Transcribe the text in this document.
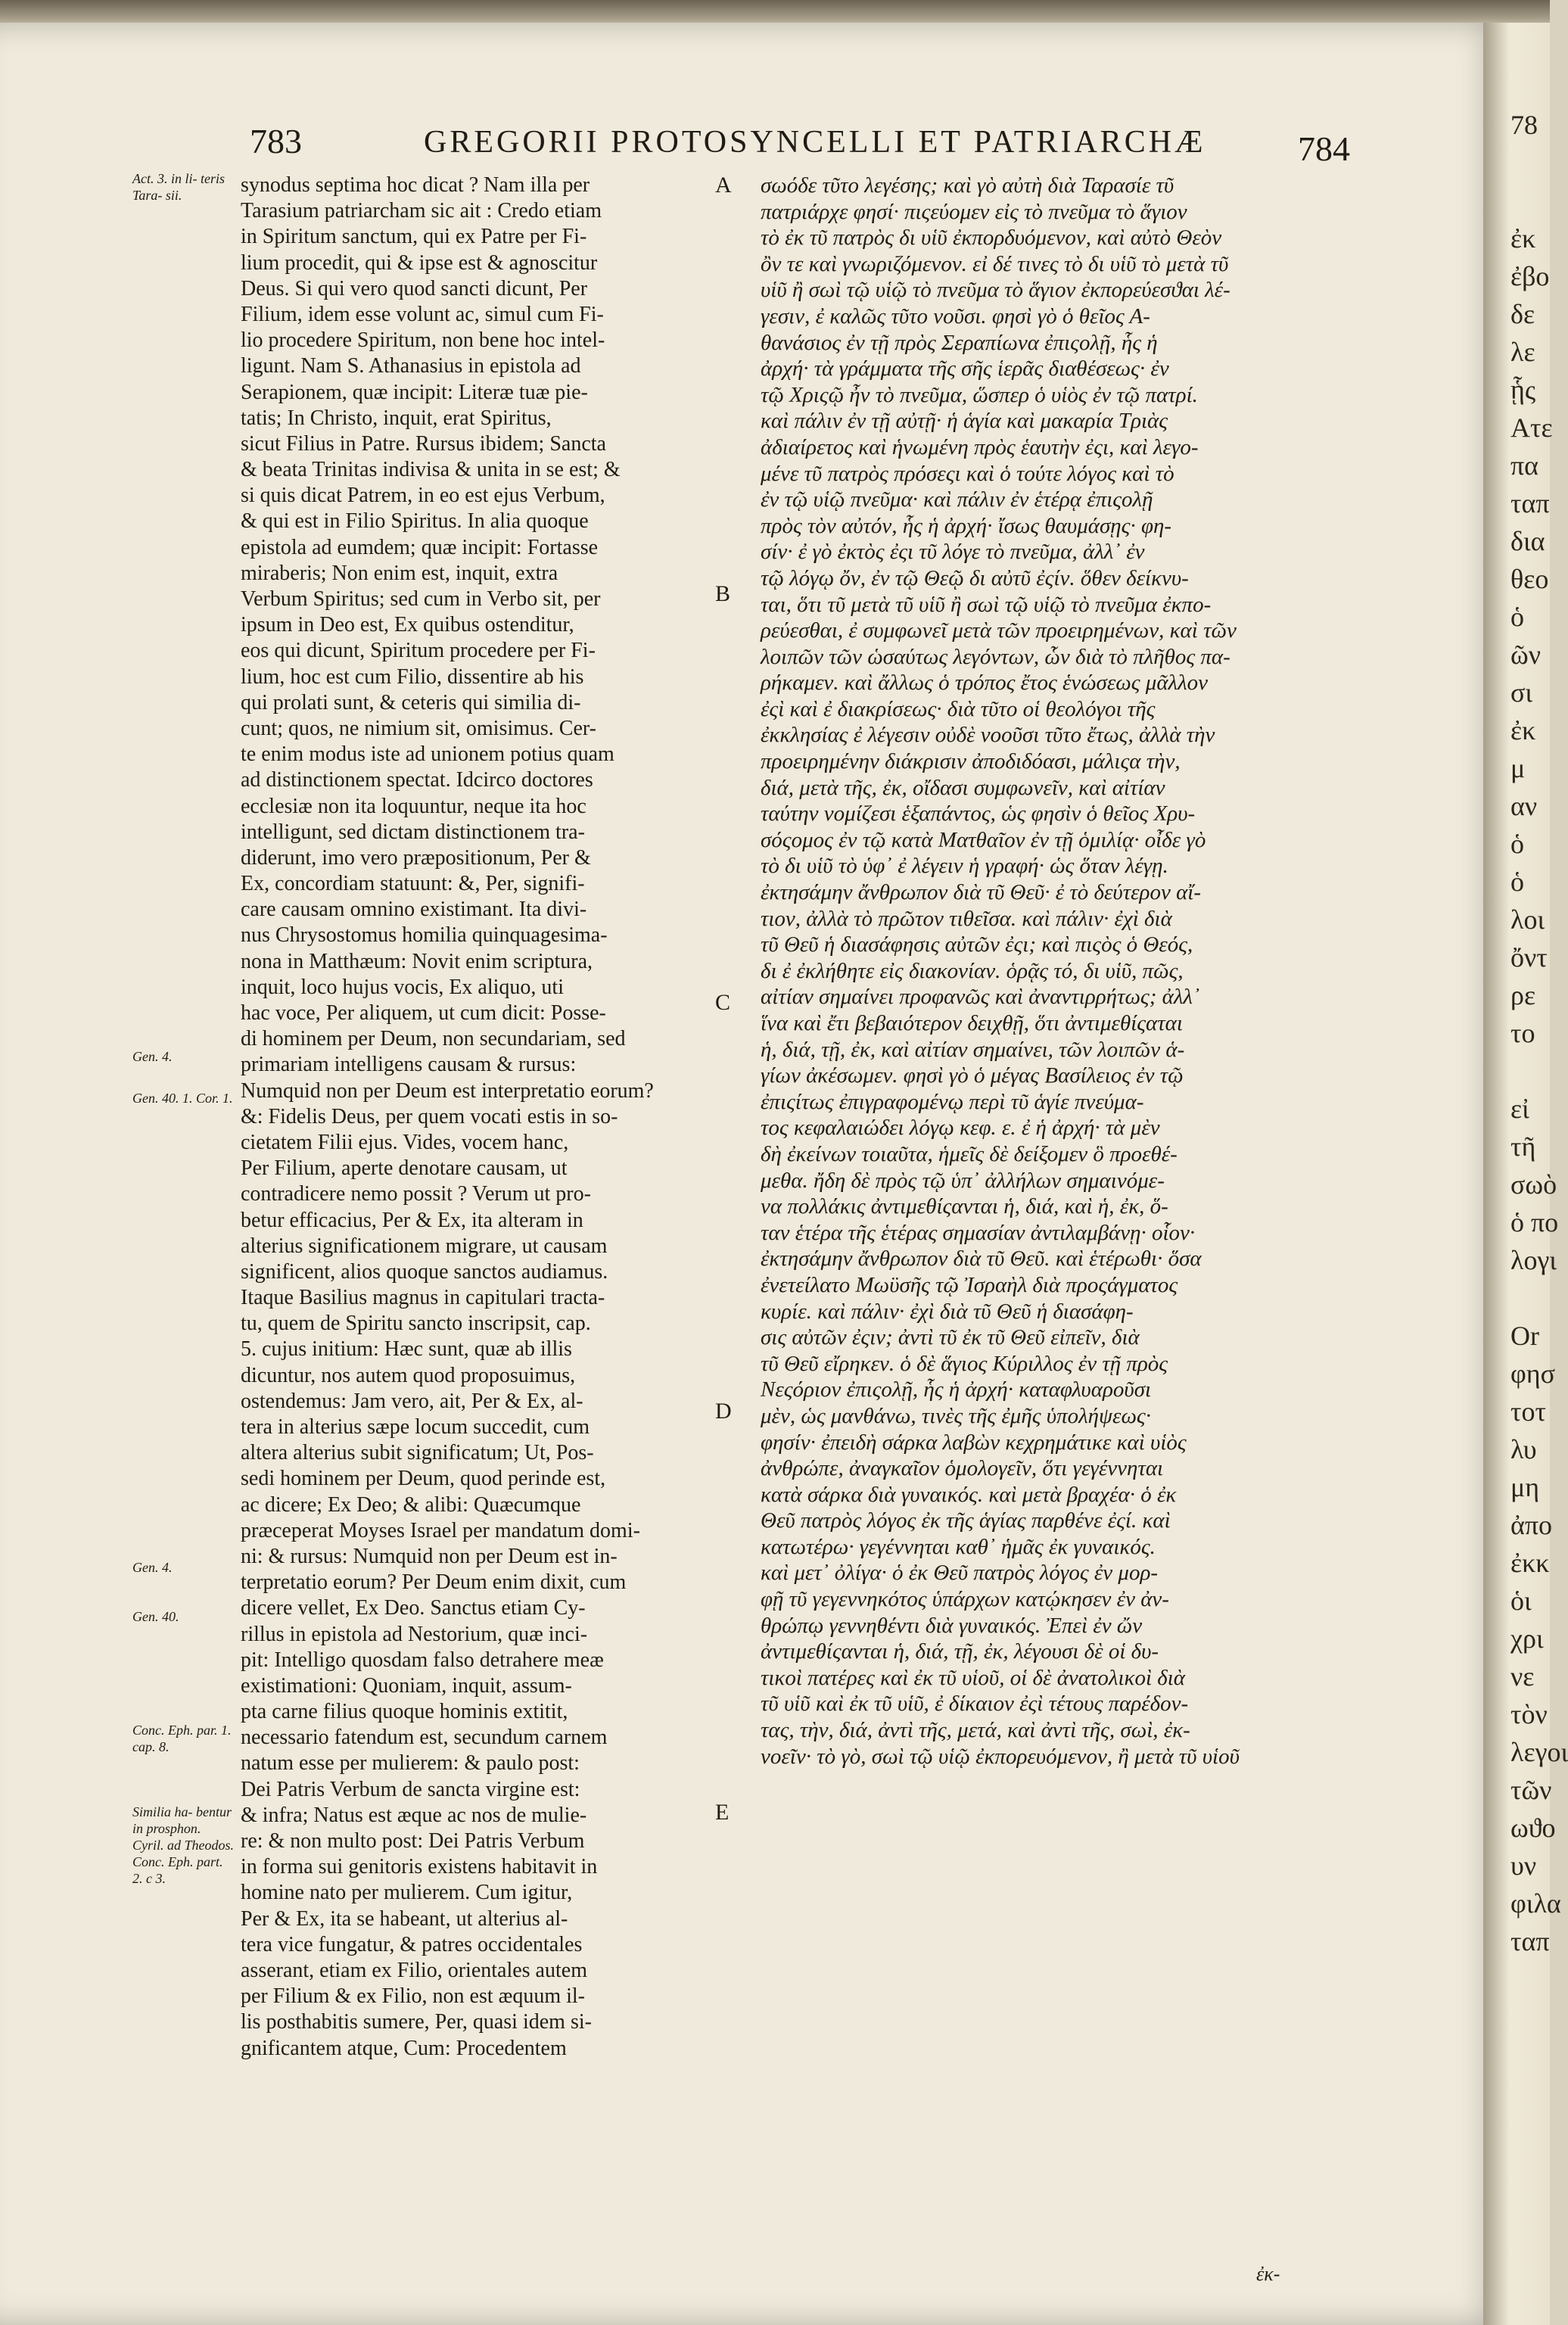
78

ἐκ
ἐβο
δε
λε
ᾗς
Ατε
πα
ταπ
δια
θεο
ὁ
ῶν
σι
ἐκ
μ
αν
ὁ
ὁ
λοι
ὄντ
ρε
το

εἰ
τῆ
σωὸ
ὁ πο
λογι

Or
φησ
τοτ
λυ
μη
ἀπο
ἐκκ
ὁι
χρι
νε
τὸν
λεγοι
τῶν
ωϑο
υν
φιλα
ταπ
783	GREGORII PROTOSYNCELLI ET PATRIARCHÆ	784
Act. 3. in li- teris Tara- sii.
Gen. 4.
Gen. 40. 1. Cor. 1.
Gen. 4.
Gen. 40.
Conc. Eph. par. 1. cap. 8.
Similia ha- bentur in prosphon. Cyril. ad Theodos. Conc. Eph. part. 2. c 3.
synodus septima hoc dicat ? Nam illa per
Tarasium patriarcham sic ait : Credo etiam
in Spiritum sanctum, qui ex Patre per Fi-
lium procedit, qui & ipse est & agnoscitur
Deus. Si qui vero quod sancti dicunt, Per
Filium, idem esse volunt ac, simul cum Fi-
lio procedere Spiritum, non bene hoc intel-
ligunt. Nam S. Athanasius in epistola ad
Serapionem, quæ incipit: Literæ tuæ pie-
tatis; In Christo, inquit, erat Spiritus,
sicut Filius in Patre. Rursus ibidem; Sancta
& beata Trinitas indivisa & unita in se est; &
si quis dicat Patrem, in eo est ejus Verbum,
& qui est in Filio Spiritus. In alia quoque
epistola ad eumdem; quæ incipit: Fortasse
miraberis; Non enim est, inquit, extra
Verbum Spiritus; sed cum in Verbo sit, per
ipsum in Deo est, Ex quibus ostenditur,
eos qui dicunt, Spiritum procedere per Fi-
lium, hoc est cum Filio, dissentire ab his
qui prolati sunt, & ceteris qui similia di-
cunt; quos, ne nimium sit, omisimus. Cer-
te enim modus iste ad unionem potius quam
ad distinctionem spectat. Idcirco doctores
ecclesiæ non ita loquuntur, neque ita hoc
intelligunt, sed dictam distinctionem tra-
diderunt, imo vero præpositionum, Per &
Ex, concordiam statuunt: &, Per, signifi-
care causam omnino existimant. Ita divi-
nus Chrysostomus homilia quinquagesima-
nona in Matthæum: Novit enim scriptura,
inquit, loco hujus vocis, Ex aliquo, uti
hac voce, Per aliquem, ut cum dicit: Posse-
di hominem per Deum, non secundariam, sed
primariam intelligens causam & rursus:
Numquid non per Deum est interpretatio eorum?
&: Fidelis Deus, per quem vocati estis in so-
cietatem Filii ejus. Vides, vocem hanc,
Per Filium, aperte denotare causam, ut
contradicere nemo possit ? Verum ut pro-
betur efficacius, Per & Ex, ita alteram in
alterius significationem migrare, ut causam
significent, alios quoque sanctos audiamus.
Itaque Basilius magnus in capitulari tracta-
tu, quem de Spiritu sancto inscripsit, cap.
5. cujus initium: Hæc sunt, quæ ab illis
dicuntur, nos autem quod proposuimus,
ostendemus: Jam vero, ait, Per & Ex, al-
tera in alterius sæpe locum succedit, cum
altera alterius subit significatum; Ut, Pos-
sedi hominem per Deum, quod perinde est,
ac dicere; Ex Deo; & alibi: Quæcumque
præceperat Moyses Israel per mandatum domi-
ni: & rursus: Numquid non per Deum est in-
terpretatio eorum? Per Deum enim dixit, cum
dicere vellet, Ex Deo. Sanctus etiam Cy-
rillus in epistola ad Nestorium, quæ inci-
pit: Intelligo quosdam falso detrahere meæ
existimationi: Quoniam, inquit, assum-
pta carne filius quoque hominis extitit,
necessario fatendum est, secundum carnem
natum esse per mulierem: & paulo post:
Dei Patris Verbum de sancta virgine est:
& infra; Natus est æque ac nos de mulie-
re: & non multo post: Dei Patris Verbum
in forma sui genitoris existens habitavit in
homine nato per mulierem. Cum igitur,
Per & Ex, ita se habeant, ut alterius al-
tera vice fungatur, & patres occidentales
asserant, etiam ex Filio, orientales autem
per Filium & ex Filio, non est æquum il-
lis posthabitis sumere, Per, quasi idem si-
gnificantem atque, Cum: Procedentem
A
B
C
D
E
σωόδε τῦτο λεγέσης; καὶ γὸ αὐτὴ διὰ Ταρασίε τῦ
πατριάρχε φησί· πιςεύομεν εἰς τὸ πνεῦμα τὸ ἅγιον
τὸ ἐκ τῦ πατρὸς δι υἱῦ ἐκπορδυόμενον, καὶ αὐτὸ Θεὸν
ὂν τε καὶ γνωριζόμενον. εἰ δέ τινες τὸ δι υἱῦ τὸ μετὰ τῦ
υἱῦ ἢ σωὶ τῷ υἱῷ τὸ πνεῦμα τὸ ἅγιον ἐκπορεύεσϑαι λέ-
γεσιν, ἐ καλῶς τῦτο νοῦσι. φησὶ γὸ ὁ θεῖος Α-
θανάσιος ἐν τῇ πρὸς Σεραπίωνα ἐπιςολῇ, ἧς ἡ
ἀρχή· τὰ γράμματα τῆς σῆς ἱερᾶς διαθέσεως· ἐν
τῷ Χριςῷ ἦν τὸ πνεῦμα, ὥσπερ ὁ υἱὸς ἐν τῷ πατρί.
καὶ πάλιν ἐν τῇ αὐτῇ· ἡ ἁγία καὶ μακαρία Τριὰς
ἀδιαίρετος καὶ ἡνωμένη πρὸς ἑαυτὴν ἐςι, καὶ λεγο-
μένε τῦ πατρὸς πρόσεςι καὶ ὁ τούτε λόγος καὶ τὸ
ἐν τῷ υἱῷ πνεῦμα· καὶ πάλιν ἐν ἑτέρᾳ ἐπιςολῇ
πρὸς τὸν αὐτόν, ἧς ἡ ἀρχή· ἴσως θαυμάσῃς· φη-
σίν· ἐ γὸ ἐκτὸς ἐςι τῦ λόγε τὸ πνεῦμα, ἀλλ᾿ ἐν
τῷ λόγῳ ὄν, ἐν τῷ Θεῷ δι αὐτῦ ἐςίν. ὅθεν δείκνυ-
ται, ὅτι τῦ μετὰ τῦ υἱῦ ἢ σωὶ τῷ υἱῷ τὸ πνεῦμα ἐκπο-
ρεύεσθαι, ἐ συμφωνεῖ μετὰ τῶν προειρημένων, καὶ τῶν
λοιπῶν τῶν ὡσαύτως λεγόντων, ὧν διὰ τὸ πλῆθος πα-
ρήκαμεν. καὶ ἄλλως ὁ τρόπος ἔτος ἑνώσεως μᾶλλον
ἐςὶ καὶ ἐ διακρίσεως· διὰ τῦτο οἱ θεολόγοι τῆς
ἐκκλησίας ἐ λέγεσιν οὐδὲ νοοῦσι τῦτο ἔτως, ἀλλὰ τὴν
προειρημένην διάκρισιν ἀποδιδόασι, μάλιςα τὴν,
διά, μετὰ τῆς, ἐκ, οἴδασι συμφωνεῖν, καὶ αἰτίαν
ταύτην νομίζεσι ἑξαπάντος, ὡς φησὶν ὁ θεῖος Χρυ-
σόςομος ἐν τῷ κατὰ Ματθαῖον ἐν τῇ ὁμιλίᾳ· οἶδε γὸ
τὸ δι υἱῦ τὸ ὑφ᾿ ἐ λέγειν ἡ γραφή· ὡς ὅταν λέγῃ.
ἐκτησάμην ἄνθρωπον διὰ τῦ Θεῦ· ἐ τὸ δεύτερον αἴ-
τιον, ἀλλὰ τὸ πρῶτον τιθεῖσα. καὶ πάλιν· ἐχὶ διὰ
τῦ Θεῦ ἡ διασάφησις αὐτῶν ἐςι; καὶ πιςὸς ὁ Θεός,
δι ἐ ἐκλήθητε εἰς διακονίαν. ὁρᾷς τό, δι υἱῦ, πῶς,
αἰτίαν σημαίνει προφανῶς καὶ ἀναντιρρήτως; ἀλλ᾿
ἵνα καὶ ἔτι βεβαιότερον δειχθῇ, ὅτι ἀντιμεθίςαται
ἡ, διά, τῇ, ἐκ, καὶ αἰτίαν σημαίνει, τῶν λοιπῶν ἁ-
γίων ἀκέσωμεν. φησὶ γὸ ὁ μέγας Βασίλειος ἐν τῷ
ἐπιςίτως ἐπιγραφομένῳ περὶ τῦ ἁγίε πνεύμα-
τος κεφαλαιώδει λόγῳ κεφ. ε. ἐ ἡ ἀρχή· τὰ μὲν
δὴ ἐκείνων τοιαῦτα, ἡμεῖς δὲ δείξομεν ὃ προεθέ-
μεθα. ἤδη δὲ πρὸς τῷ ὑπ᾿ ἀλλήλων σημαινόμε-
να πολλάκις ἀντιμεθίςανται ἡ, διά, καὶ ἡ, ἐκ, ὅ-
ταν ἑτέρα τῆς ἑτέρας σημασίαν ἀντιλαμβάνῃ· οἷον·
ἐκτησάμην ἄνθρωπον διὰ τῦ Θεῦ. καὶ ἑτέρωθι· ὅσα
ἐνετείλατο Μωϋσῆς τῷ Ἰσραὴλ διὰ προςάγματος
κυρίε. καὶ πάλιν· ἐχὶ διὰ τῦ Θεῦ ἡ διασάφη-
σις αὐτῶν ἐςιν; ἀντὶ τῦ ἐκ τῦ Θεῦ εἰπεῖν, διὰ
τῦ Θεῦ εἴρηκεν. ὁ δὲ ἅγιος Κύριλλος ἐν τῇ πρὸς
Νεςόριον ἐπιςολῇ, ἧς ἡ ἀρχή· καταφλυαροῦσι
μὲν, ὡς μανθάνω, τινὲς τῆς ἐμῆς ὑπολήψεως·
φησίν· ἐπειδὴ σάρκα λαβὼν κεχρημάτικε καὶ υἱὸς
ἀνθρώπε, ἀναγκαῖον ὁμολογεῖν, ὅτι γεγέννηται
κατὰ σάρκα διὰ γυναικός. καὶ μετὰ βραχέα· ὁ ἐκ
Θεῦ πατρὸς λόγος ἐκ τῆς ἁγίας παρθένε ἐςί. καὶ
κατωτέρω· γεγέννηται καθ᾿ ἡμᾶς ἐκ γυναικός.
καὶ μετ᾿ ὀλίγα· ὁ ἐκ Θεῦ πατρὸς λόγος ἐν μορ-
φῇ τῦ γεγεννηκότος ὑπάρχων κατῴκησεν ἐν ἀν-
θρώπῳ γεννηθέντι διὰ γυναικός. Ἐπεὶ ἐν ὤν
ἀντιμεθίςανται ἡ, διά, τῇ, ἐκ, λέγουσι δὲ οἱ δυ-
τικοὶ πατέρες καὶ ἐκ τῦ υἱοῦ, οἱ δὲ ἀνατολικοὶ διὰ
τῦ υἱῦ καὶ ἐκ τῦ υἱῦ, ἐ δίκαιον ἐςὶ τέτους παρέδον-
τας, τὴν, διά, ἀντὶ τῆς, μετά, καὶ ἀντὶ τῆς, σωὶ, ἐκ-
νοεῖν· τὸ γὸ, σωὶ τῷ υἱῷ ἐκπορευόμενον, ἢ μετὰ τῦ υἱοῦ
ἐκ-
